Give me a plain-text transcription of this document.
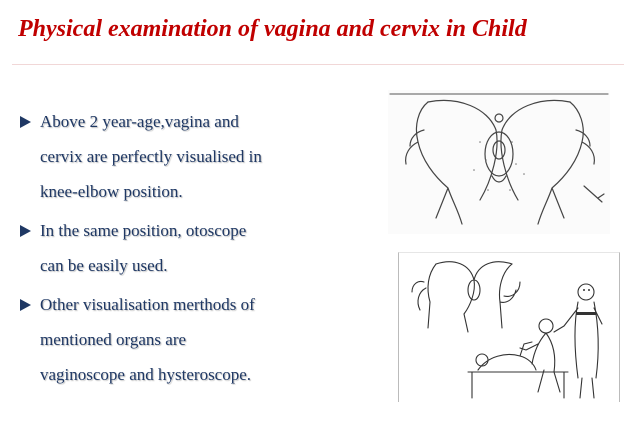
Physical examination of vagina and cervix in Child
Above 2 year-age,vagina and
cervix are perfectly visualised in
knee-elbow position.
In the same position, otoscope
can be easily used.
Other visualisation merthods of
mentioned organs are
vaginoscope and hysteroscope.
